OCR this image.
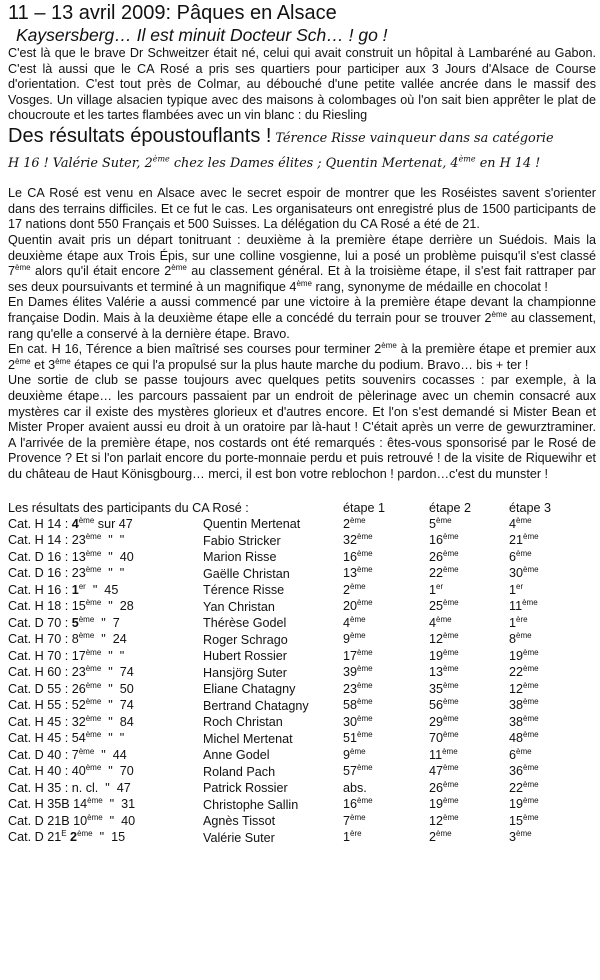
11 – 13 avril 2009: Pâques en Alsace
Kaysersberg… Il est minuit Docteur Sch… ! go !

C'est là que le brave Dr Schweitzer était né, celui qui avait construit un hôpital à Lambaréné au Gabon. C'est là aussi que le CA Rosé a pris ses quartiers pour participer aux 3 Jours d'Alsace de Course d'orientation. C'est tout près de Colmar, au débouché d'une petite vallée ancrée dans le massif des Vosges. Un village alsacien typique avec des maisons à colombages où l'on sait bien apprêter le plat de choucroute et les tartes flambées avec un vin blanc : du Riesling

Des résultats époustouflants ! Térence Risse vainqueur dans sa catégorie
H 16 ! Valérie Suter, 2ème chez les Dames élites ; Quentin Mertenat, 4ème en H 14 !

Le CA Rosé est venu en Alsace avec le secret espoir de montrer que les Roséistes savent s'orienter dans des terrains difficiles. Et ce fut le cas. Les organisateurs ont enregistré plus de 1500 participants de 17 nations dont 550 Français et 500 Suisses. La délégation du CA Rosé a été de 21.

Quentin avait pris un départ tonitruant : deuxième à la première étape derrière un Suédois. Mais la deuxième étape aux Trois Épis, sur une colline vosgienne, lui a posé un problème puisqu'il s'est classé 7ème alors qu'il était encore 2ème au classement général. Et à la troisième étape, il s'est fait rattraper par ses deux poursuivants et terminé à un magnifique 4ème rang, synonyme de médaille en chocolat !

En Dames élites Valérie a aussi commencé par une victoire à la première étape devant la championne française Dodin. Mais à la deuxième étape elle a concédé du terrain pour se trouver 2ème au classement, rang qu'elle a conservé à la dernière étape. Bravo.

En cat. H 16, Térence a bien maîtrisé ses courses pour terminer 2ème à la première étape et premier aux 2ème et 3ème étapes ce qui l'a propulsé sur la plus haute marche du podium. Bravo… bis + ter !

Une sortie de club se passe toujours avec quelques petits souvenirs cocasses : par exemple, à la deuxième étape… les parcours passaient par un endroit de pèlerinage avec un chemin consacré aux mystères car il existe des mystères glorieux et d'autres encore. Et l'on s'est demandé si Mister Bean et Mister Proper avaient aussi eu droit à un oratoire par là-haut ! C'était après un verre de gewurztraminer. A l'arrivée de la première étape, nos costards ont été remarqués : êtes-vous sponsorisé par le Rosé de Provence ? Et si l'on parlait encore du porte-monnaie perdu et puis retrouvé ! de la visite de Riquewihr et du château de Haut Könisgbourg… merci, il est bon votre reblochon ! pardon…c'est du munster !

Les résultats des participants du CA Rosé :		étape 1	étape 2	étape 3
Cat. H 14 : 4ème sur 47	Quentin Mertenat	2ème	5ème	4ème
Cat. H 14 : 23ème  "  "	Fabio Stricker	32ème	16ème	21ème
Cat. D 16 : 13ème  "  40	Marion Risse	16ème	26ème	6ème
Cat. D 16 : 23ème  "  "	Gaëlle Christan	13ème	22ème	30ème
Cat. H 16 : 1er  "  45	Térence Risse	2ème	1er	1er
Cat. H 18 : 15ème  "  28	Yan Christan	20ème	25ème	11ème
Cat. D 70 : 5ème  "  7	Thérèse Godel	4ème	4ème	1ère
Cat. H 70 : 8ème  "  24	Roger Schrago	9ème	12ème	8ème
Cat. H 70 : 17ème  "  "	Hubert Rossier	17ème	19ème	19ème
Cat. H 60 : 23ème  "  74	Hansjörg Suter	39ème	13ème	22ème
Cat. D 55 : 26ème  "  50	Eliane Chatagny	23ème	35ème	12ème
Cat. H 55 : 52ème  "  74	Bertrand Chatagny	58ème	56ème	38ème
Cat. H 45 : 32ème  "  84	Roch Christan	30ème	29ème	38ème
Cat. H 45 : 54ème  "  "	Michel Mertenat	51ème	70ème	48ème
Cat. D 40 : 7ème  "  44	Anne Godel	9ème	11ème	6ème
Cat. H 40 : 40ème  "  70	Roland Pach	57ème	47ème	36ème
Cat. H 35 : n. cl.  "  47	Patrick Rossier	abs.	26ème	22ème
Cat. H 35B 14ème  "  31	Christophe Sallin	16ème	19ème	19ème
Cat. D 21B 10ème  "  40	Agnès Tissot	7ème	12ème	15ème
Cat. D $21^E$ 2ème  "  15	Valérie Suter	1ère	2ème	3ème
